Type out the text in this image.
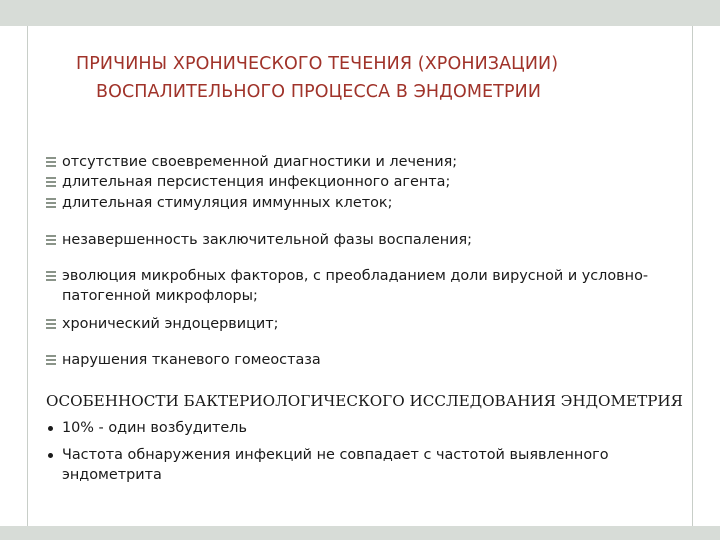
ПРИЧИНЫ ХРОНИЧЕСКОГО ТЕЧЕНИЯ (ХРОНИЗАЦИИ)
ВОСПАЛИТЕЛЬНОГО ПРОЦЕССА В ЭНДОМЕТРИИ
отсутствие своевременной диагностики и лечения;
длительная персистенция инфекционного агента;
длительная стимуляция иммунных клеток;
незавершенность заключительной фазы воспаления;
эволюция микробных факторов, с преобладанием доли вирусной и условно-патогенной микрофлоры;
хронический эндоцервицит;
нарушения тканевого гомеостаза
ОСОБЕННОСТИ БАКТЕРИОЛОГИЧЕСКОГО ИССЛЕДОВАНИЯ ЭНДОМЕТРИЯ
10% - один возбудитель
Частота обнаружения инфекций не совпадает с частотой выявленного эндометрита
